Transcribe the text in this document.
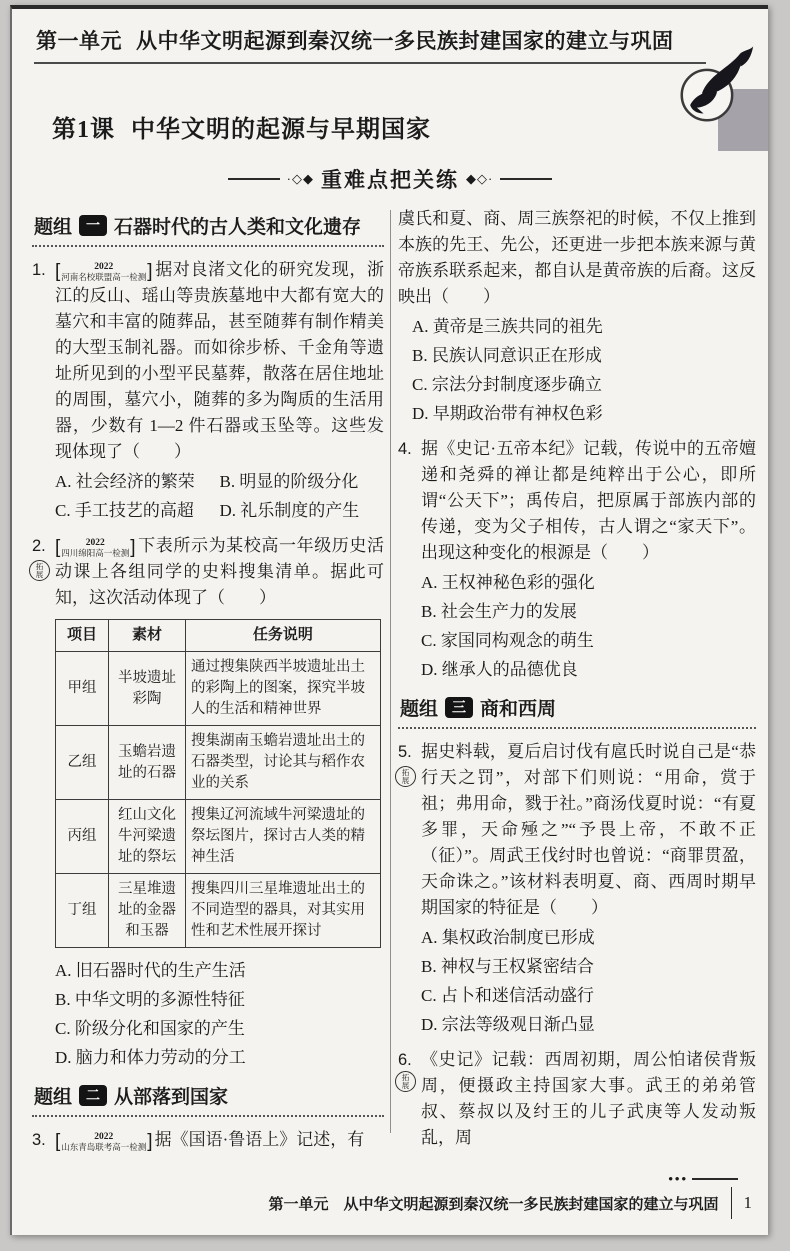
第一单元 从中华文明起源到秦汉统一多民族封建国家的建立与巩固
第1课 中华文明的起源与早期国家
·◇◆ 重难点把关练 ◆◇·
题组	一 石器时代的古人类和文化遗存
1. [	2022
河南名校联盟高一检测 ] 据对良渚文化的研究发现，浙江的反山、瑶山等贵族墓地中大都有宽大的墓穴和丰富的随葬品，甚至随葬有制作精美的大型玉制礼器。而如徐步桥、千金角等遗址所见到的小型平民墓葬，散落在居住地址的周围，墓穴小，随葬的多为陶质的生活用器，少数有 1—2 件石器或玉坠等。这些发现体现了（　　）
A. 社会经济的繁荣	B. 明显的阶级分化
C. 手工技艺的高超	D. 礼乐制度的产生
2.
拓
展
[	2022
四川绵阳高一检测 ] 下表所示为某校高一年级历史活动课上各组同学的史料搜集清单。据此可知，这次活动体现了（　　）
项目	素材	任务说明
甲组	半坡遗址彩陶	通过搜集陕西半坡遗址出土的彩陶上的图案，探究半坡人的生活和精神世界
乙组	玉蟾岩遗址的石器	搜集湖南玉蟾岩遗址出土的石器类型，讨论其与稻作农业的关系
丙组	红山文化牛河梁遗址的祭坛	搜集辽河流域牛河梁遗址的祭坛图片，探讨古人类的精神生活
丁组	三星堆遗址的金器和玉器	搜集四川三星堆遗址出土的不同造型的器具，对其实用性和艺术性展开探讨
A. 旧石器时代的生产生活
B. 中华文明的多源性特征
C. 阶级分化和国家的产生
D. 脑力和体力劳动的分工
题组	二 从部落到国家
3. [	2022
山东青岛联考高一检测 ] 据《国语·鲁语上》记述，有
虞氏和夏、商、周三族祭祀的时候，不仅上推到本族的先王、先公，还更进一步把本族来源与黄帝族系联系起来，都自认是黄帝族的后裔。这反映出（　　）
A. 黄帝是三族共同的祖先
B. 民族认同意识正在形成
C. 宗法分封制度逐步确立
D. 早期政治带有神权色彩
4. 据《史记·五帝本纪》记载，传说中的五帝嬗递和尧舜的禅让都是纯粹出于公心，即所谓“公天下”；禹传启，把原属于部族内部的传递，变为父子相传，古人谓之“家天下”。出现这种变化的根源是（　　）
A. 王权神秘色彩的强化
B. 社会生产力的发展
C. 家国同构观念的萌生
D. 继承人的品德优良
题组	三 商和西周
5.
拓
展
据史料载，夏后启讨伐有扈氏时说自己是“恭行天之罚”，对部下们则说：“用命，赏于祖；弗用命，戮于社。”商汤伐夏时说：“有夏多罪，天命殛之”“予畏上帝，不敢不正（征）”。周武王伐纣时也曾说：“商罪贯盈，天命诛之。”该材料表明夏、商、西周时期早期国家的特征是（　　）
A. 集权政治制度已形成
B. 神权与王权紧密结合
C. 占卜和迷信活动盛行
D. 宗法等级观日渐凸显
6.
拓
展
《史记》记载：西周初期，周公怕诸侯背叛周，便摄政主持国家大事。武王的弟弟管叔、蔡叔以及纣王的儿子武庚等人发动叛乱，周
•••
第一单元　从中华文明起源到秦汉统一多民族封建国家的建立与巩固	1
